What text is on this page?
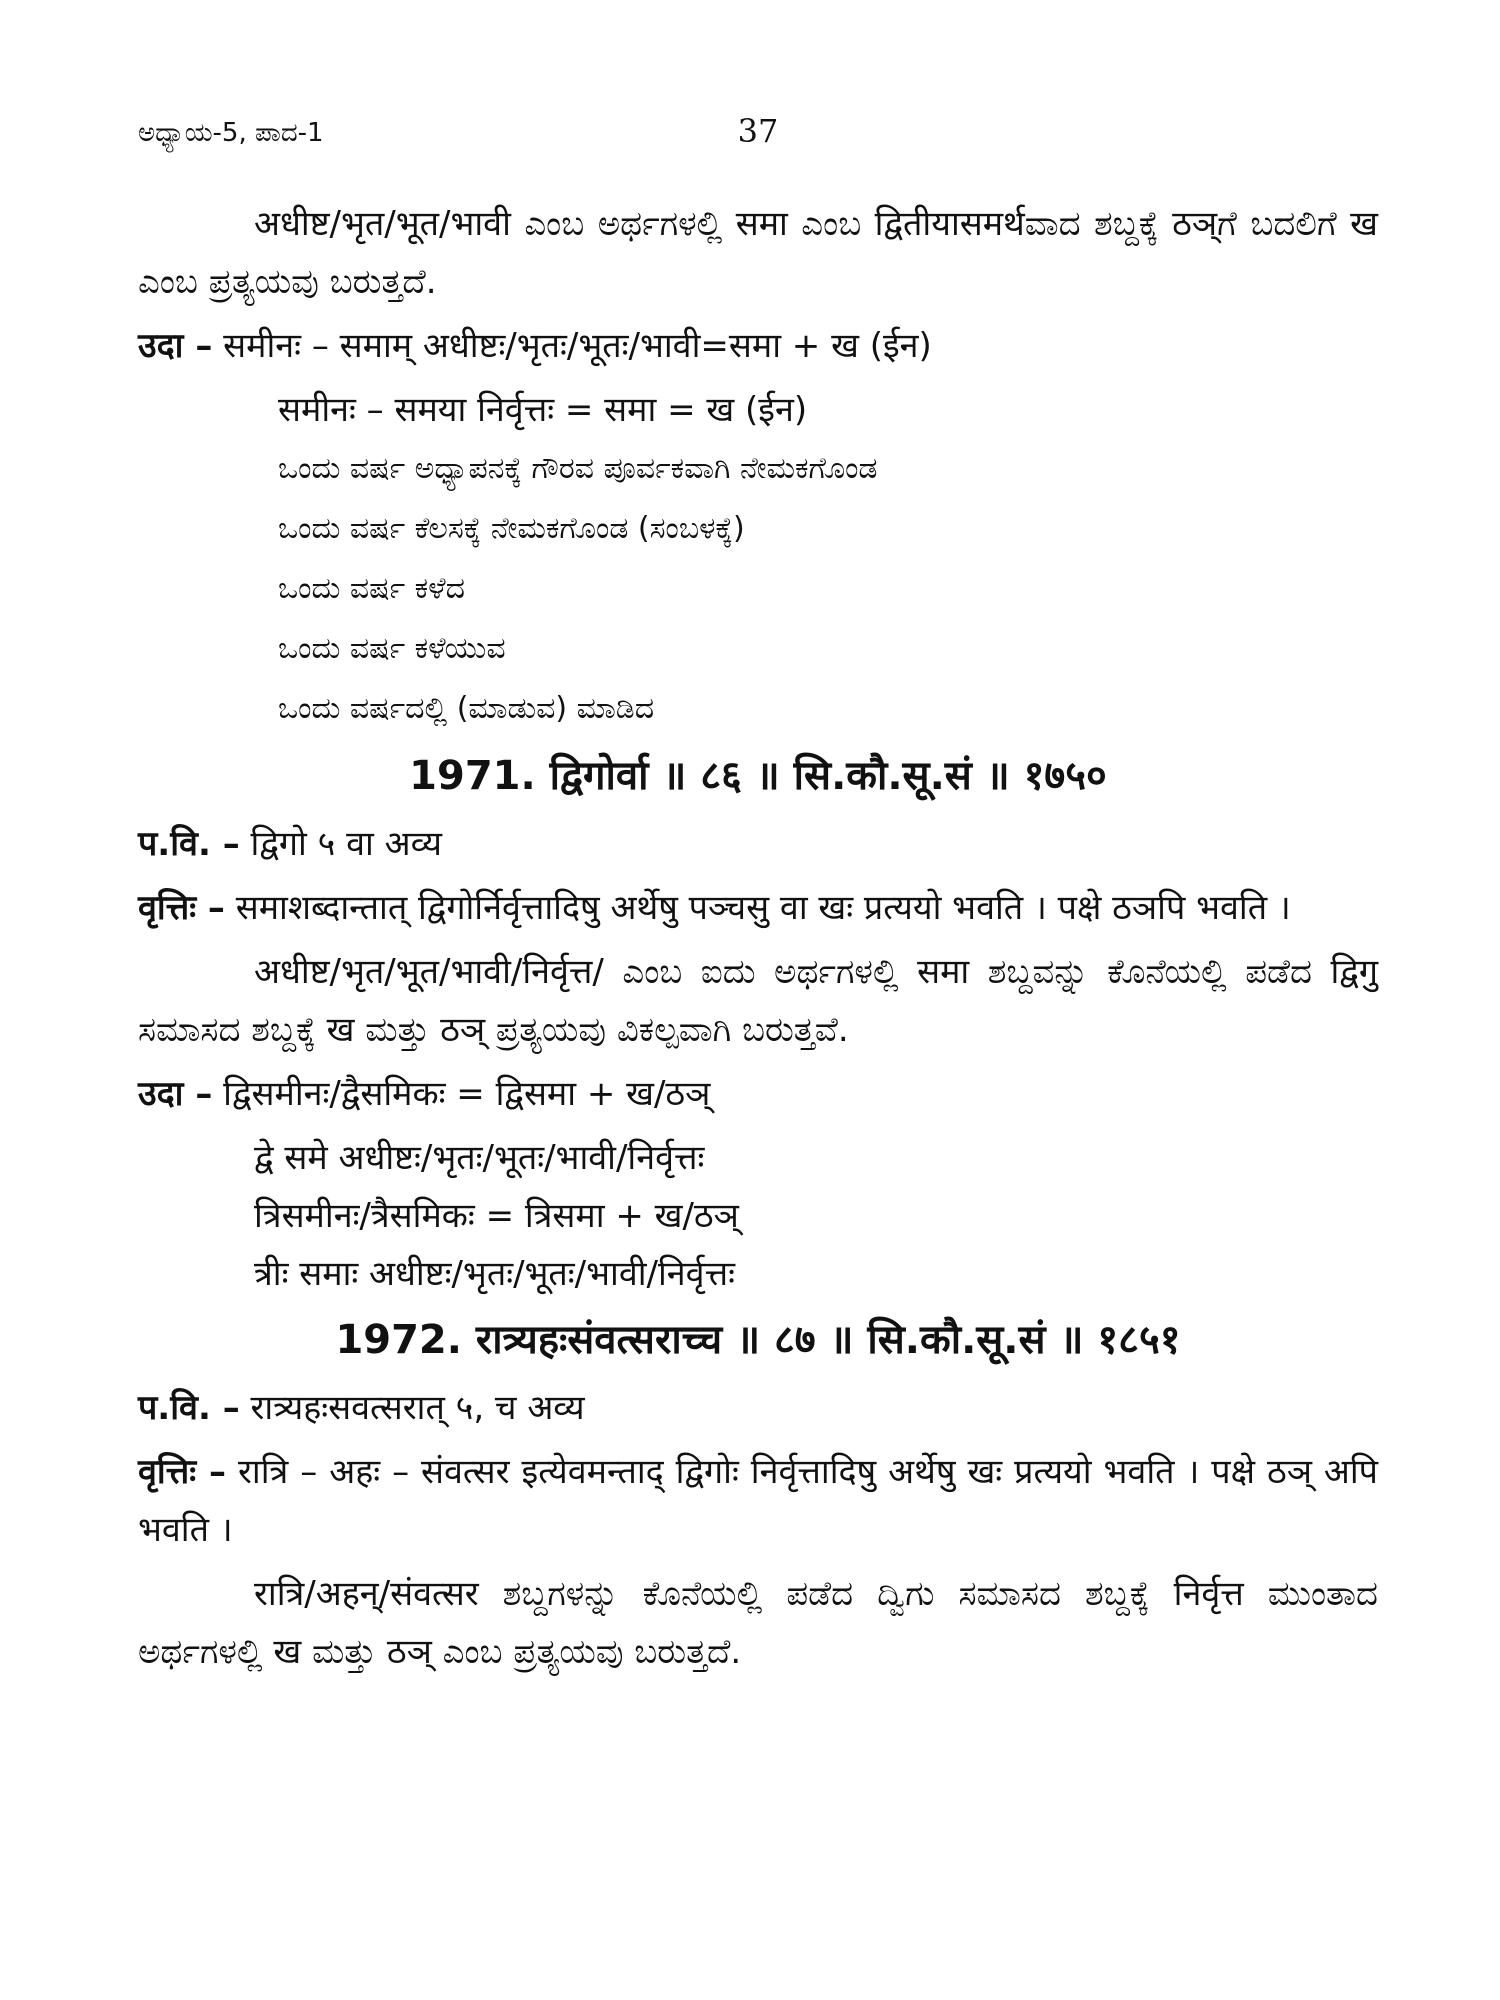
ಅಧ್ಯಾಯ-5, ಪಾದ-1	37

अधीष्ट/भृत/भूत/भावी ಎಂಬ ಅರ್ಥಗಳಲ್ಲಿ समा ಎಂಬ द्वितीयासमर्थವಾದ ಶಬ್ದಕ್ಕೆ ठञ्‌ಗೆ ಬದಲಿಗೆ ख ಎಂಬ ಪ್ರತ್ಯಯವು ಬರುತ್ತದೆ.

उदा – समीनः – समाम् अधीष्टः/भृतः/भूतः/भावी=समा + ख (ईन)

समीनः – समया निर्वृत्तः = समा = ख (ईन)

ಒಂದು ವರ್ಷ ಅಧ್ಯಾಪನಕ್ಕೆ ಗೌರವ ಪೂರ್ವಕವಾಗಿ ನೇಮಕಗೊಂಡ

ಒಂದು ವರ್ಷ ಕೆಲಸಕ್ಕೆ ನೇಮಕಗೊಂಡ (ಸಂಬಳಕ್ಕೆ)

ಒಂದು ವರ್ಷ ಕಳೆದ

ಒಂದು ವರ್ಷ ಕಳೆಯುವ

ಒಂದು ವರ್ಷದಲ್ಲಿ (ಮಾಡುವ) ಮಾಡಿದ

1971. द्विगोर्वा ॥ ८६ ॥ सि.कौ.सू.सं ॥ १७५०

प.वि. – द्विगो ५ वा अव्य

वृत्तिः – समाशब्दान्तात् द्विगोर्निर्वृत्तादिषु अर्थेषु पञ्चसु वा खः प्रत्ययो भवति । पक्षे ठञपि भवति ।

अधीष्ट/भृत/भूत/भावी/निर्वृत्त/ ಎಂಬ ಐದು ಅರ್ಥಗಳಲ್ಲಿ समा ಶಬ್ದವನ್ನು ಕೊನೆಯಲ್ಲಿ ಪಡೆದ द्विगु ಸಮಾಸದ ಶಬ್ದಕ್ಕೆ ख ಮತ್ತು ठञ् ಪ್ರತ್ಯಯವು ವಿಕಲ್ಪವಾಗಿ ಬರುತ್ತವೆ.

उदा – द्विसमीनः/द्वैसमिकः = द्विसमा + ख/ठञ्

द्वे समे अधीष्टः/भृतः/भूतः/भावी/निर्वृत्तः

त्रिसमीनः/त्रैसमिकः = त्रिसमा + ख/ठञ्

त्रीः समाः अधीष्टः/भृतः/भूतः/भावी/निर्वृत्तः

1972. रात्र्यहःसंवत्सराच्च ॥ ८७ ॥ सि.कौ.सू.सं ॥ १८५१

प.वि. – रात्र्यहःसवत्सरात् ५, च अव्य

वृत्तिः – रात्रि – अहः – संवत्सर इत्येवमन्ताद् द्विगोः निर्वृत्तादिषु अर्थेषु खः प्रत्ययो भवति । पक्षे ठञ् अपि भवति ।

रात्रि/अहन्/संवत्सर ಶಬ್ದಗಳನ್ನು ಕೊನೆಯಲ್ಲಿ ಪಡೆದ ದ್ವಿಗು ಸಮಾಸದ ಶಬ್ದಕ್ಕೆ निर्वृत्त ಮುಂತಾದ ಅರ್ಥಗಳಲ್ಲಿ ख ಮತ್ತು ठञ् ಎಂಬ ಪ್ರತ್ಯಯವು ಬರುತ್ತದೆ.
